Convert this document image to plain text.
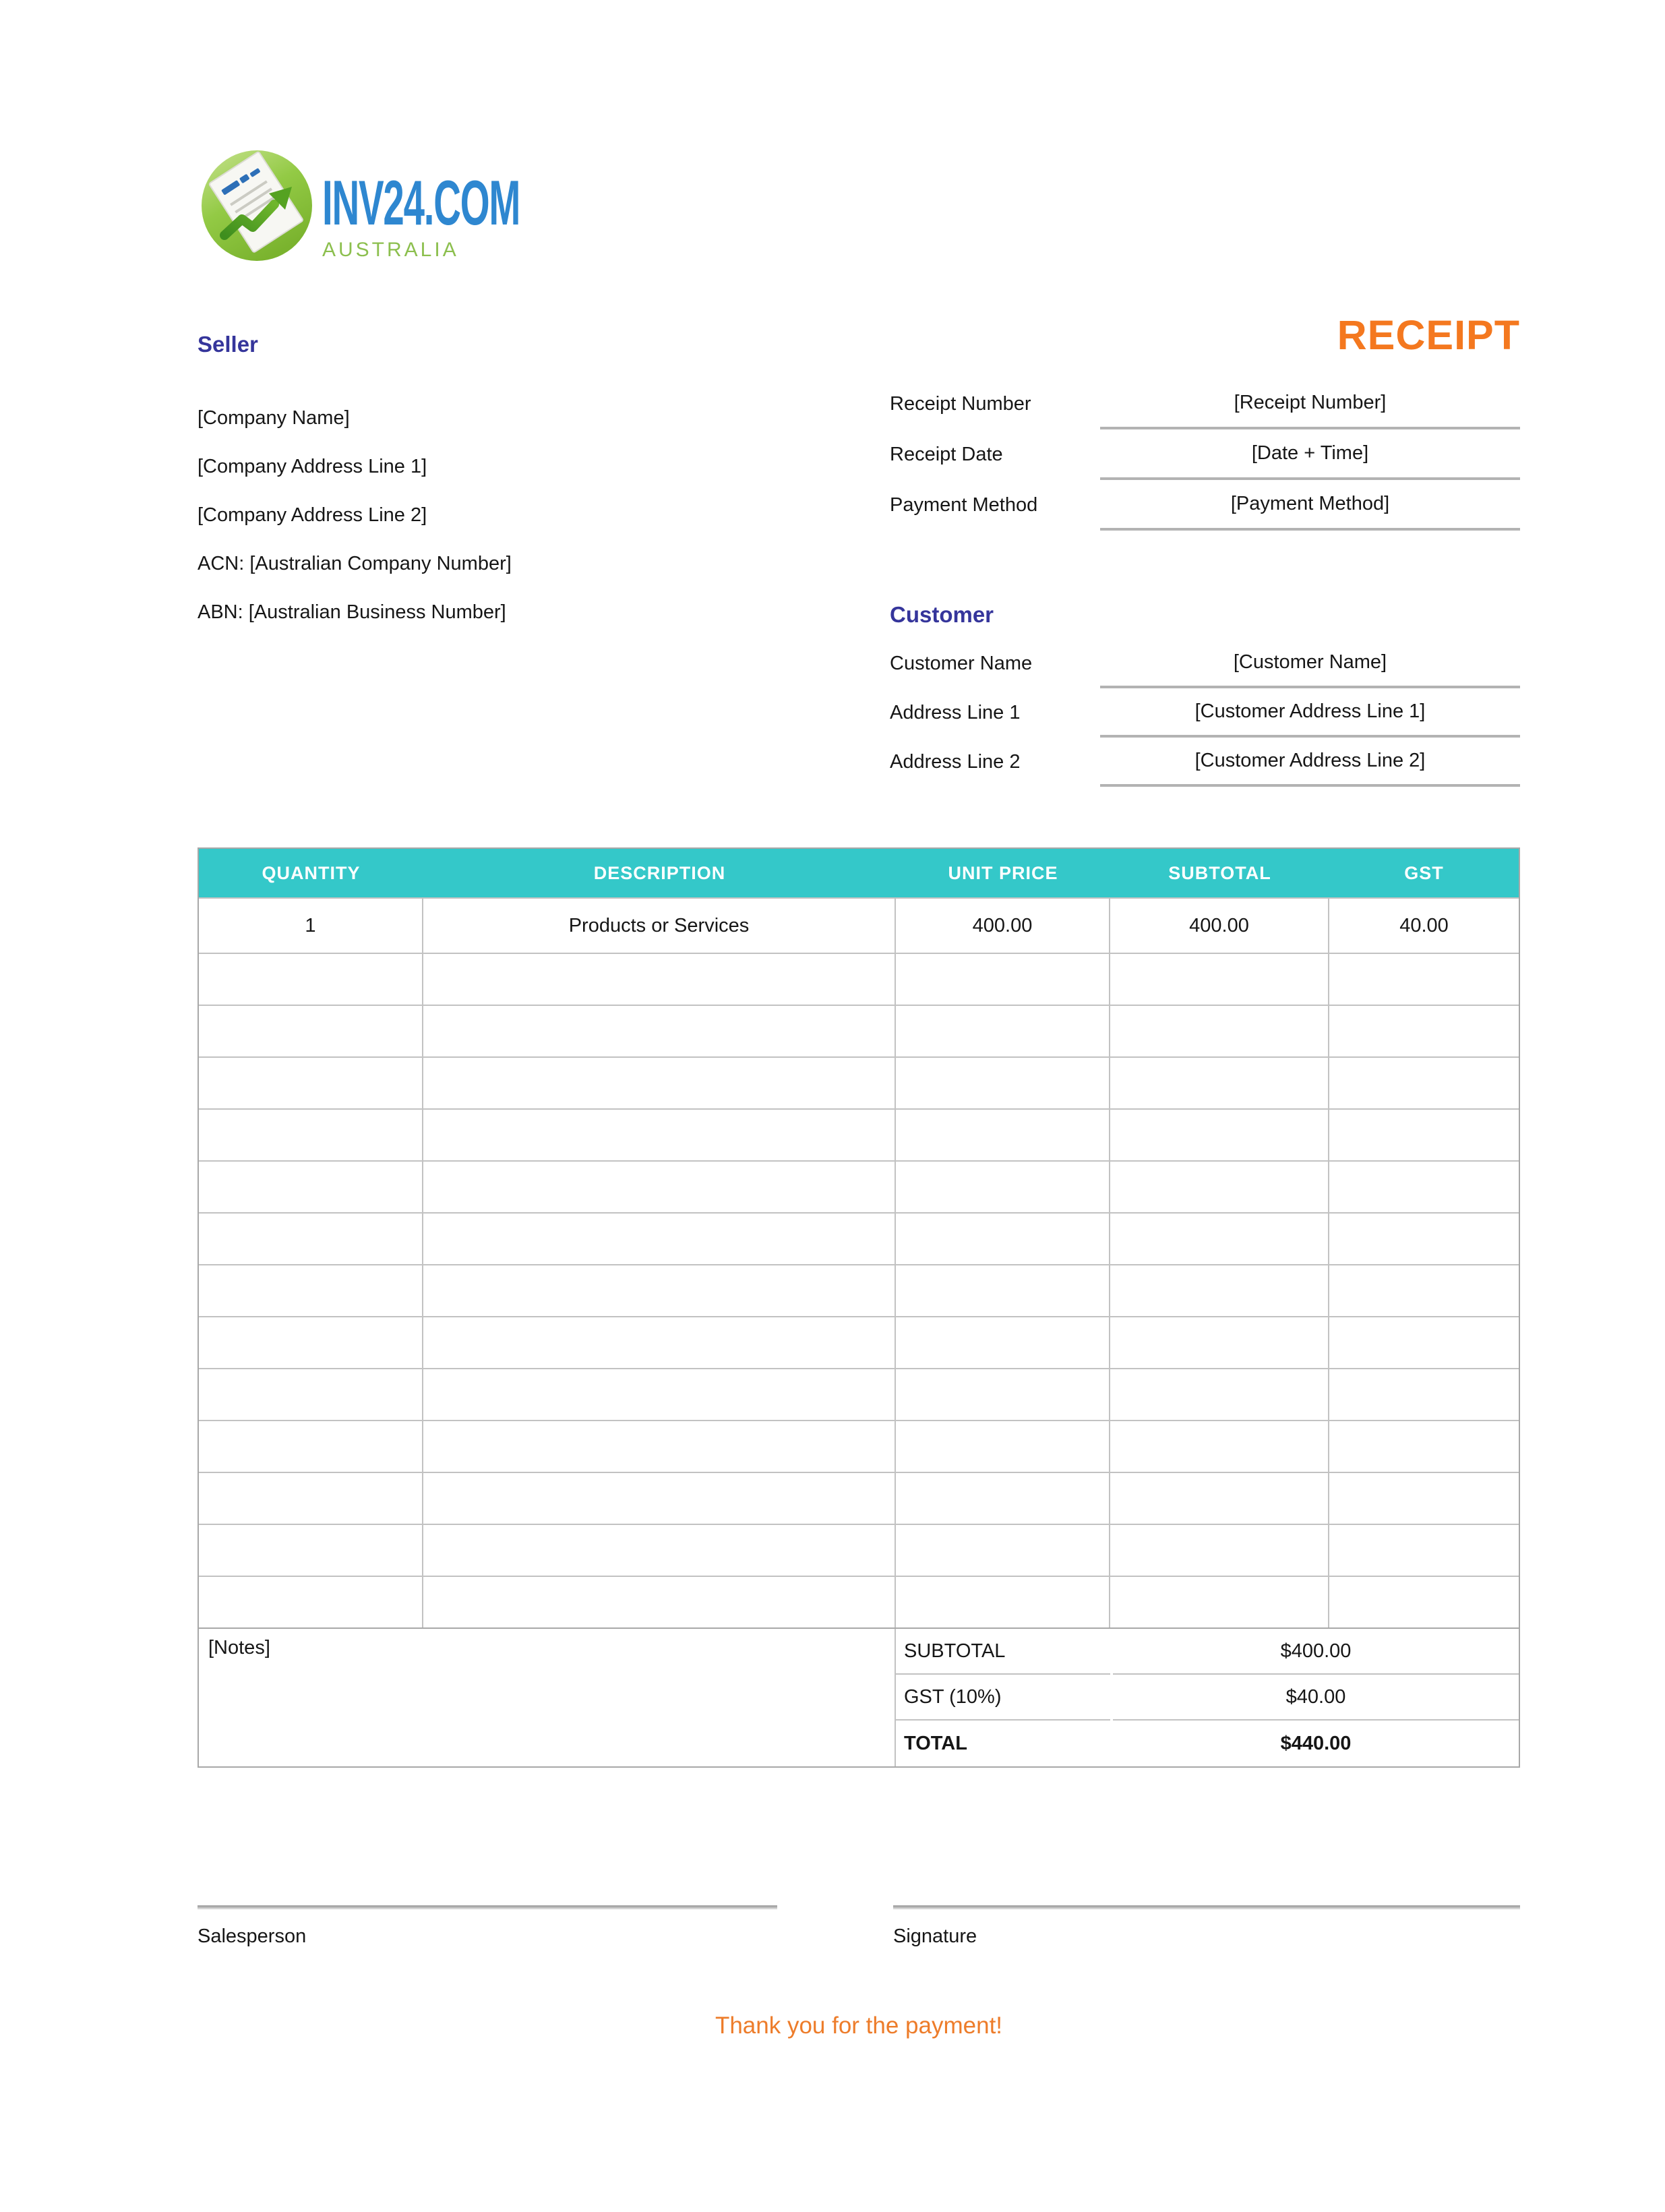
INV24.COM
AUSTRALIA
Seller	RECEIPT
[Company Name]
[Company Address Line 1]
[Company Address Line 2]
ACN: [Australian Company Number]
ABN: [Australian Business Number]
Receipt Number	[Receipt Number]
Receipt Date	[Date + Time]
Payment Method	[Payment Method]
Customer
Customer Name	[Customer Name]
Address Line 1	[Customer Address Line 1]
Address Line 2	[Customer Address Line 2]
QUANTITY	DESCRIPTION	UNIT PRICE	SUBTOTAL	GST
1	Products or Services	400.00	400.00	40.00
[Notes]	SUBTOTAL	$400.00
GST (10%)	$40.00
TOTAL	$440.00
Salesperson	Signature
Thank you for the payment!
